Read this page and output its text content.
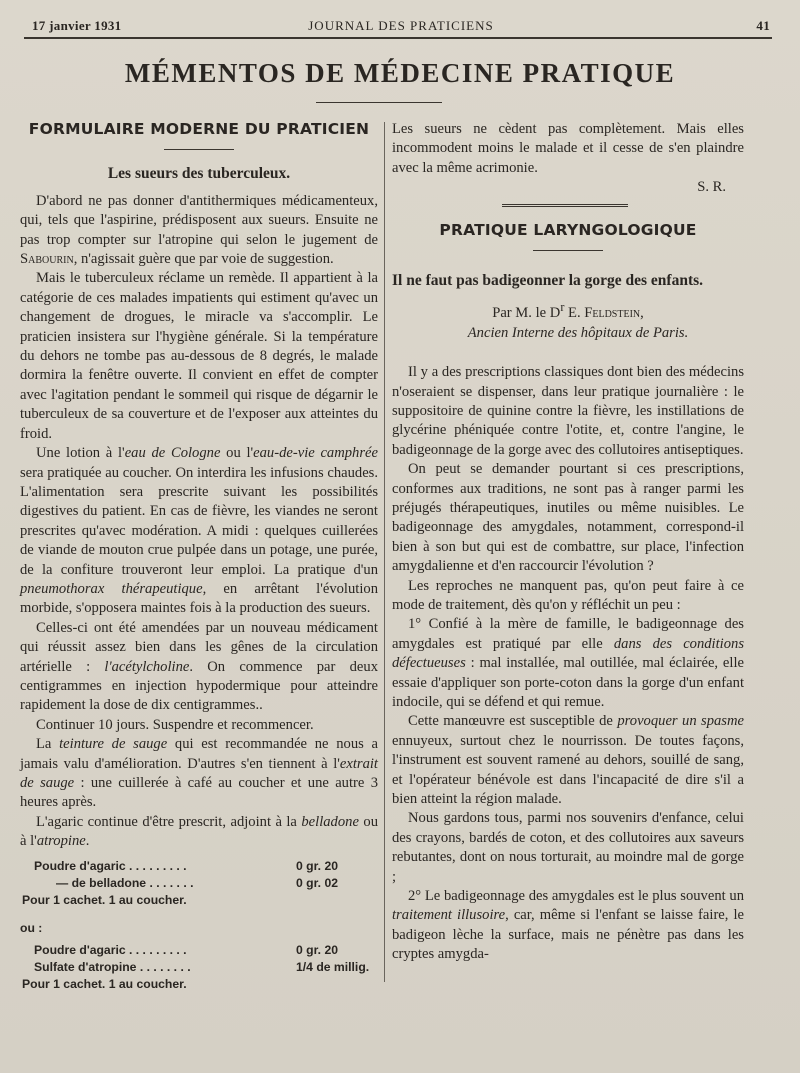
17 janvier 1931	JOURNAL DES PRATICIENS	41
MÉMENTOS DE MÉDECINE PRATIQUE
FORMULAIRE MODERNE DU PRATICIEN
Les sueurs des tuberculeux.

D'abord ne pas donner d'antithermiques médicamenteux, qui, tels que l'aspirine, prédisposent aux sueurs. Ensuite ne pas trop compter sur l'atropine qui selon le jugement de Sabourin, n'agissait guère que par voie de suggestion.

Mais le tuberculeux réclame un remède. Il appartient à la catégorie de ces malades impatients qui estiment qu'avec un changement de drogues, le miracle va s'accomplir. Le praticien insistera sur l'hygiène générale. Si la température du dehors ne tombe pas au-dessous de 8 degrés, le malade dormira la fenêtre ouverte. Il convient en effet de compter avec l'agitation pendant le sommeil qui risque de dégarnir le tuberculeux de sa couverture et de l'exposer aux atteintes du froid.

Une lotion à l'eau de Cologne ou l'eau-de-vie camphrée sera pratiquée au coucher. On interdira les infusions chaudes. L'alimentation sera prescrite suivant les possibilités digestives du patient. En cas de fièvre, les viandes ne seront prescrites qu'avec modération. A midi : quelques cuillerées de viande de mouton crue pulpée dans un potage, une purée, de la confiture trouveront leur emploi. La pratique d'un pneumothorax thérapeutique, en arrêtant l'évolution morbide, s'opposera maintes fois à la production des sueurs.

Celles-ci ont été amendées par un nouveau médicament qui réussit assez bien dans les gênes de la circulation artérielle : l'acétylcholine. On commence par deux centigrammes en injection hypodermique pour atteindre rapidement la dose de dix centigrammes..

Continuer 10 jours. Suspendre et recommencer.

La teinture de sauge qui est recommandée ne nous a jamais valu d'amélioration. D'autres s'en tiennent à l'extrait de sauge : une cuillerée à café au coucher et une autre 3 heures après.

L'agaric continue d'être prescrit, adjoint à la belladone ou à l'atropine.

Poudre d'agaric . . . . . . . . .	0 gr. 20
— de belladone . . . . . . .	0 gr. 02
Pour 1 cachet. 1 au coucher.
ou :
Poudre d'agaric . . . . . . . . .	0 gr. 20
Sulfate d'atropine . . . . . . . .	1/4 de millig.
Pour 1 cachet. 1 au coucher.

Les sueurs ne cèdent pas complètement. Mais elles incommodent moins le malade et il cesse de s'en plaindre avec la même acrimonie.

S. R.
PRATIQUE LARYNGOLOGIQUE
Il ne faut pas badigeonner la gorge des enfants.
Par M. le $D^r$ E. Feldstein,
Ancien Interne des hôpitaux de Paris.

Il y a des prescriptions classiques dont bien des médecins n'oseraient se dispenser, dans leur pratique journalière : le suppositoire de quinine contre la fièvre, les instillations de glycérine phéniquée contre l'otite, et, contre l'angine, le badigeonnage de la gorge avec des collutoires antiseptiques.

On peut se demander pourtant si ces prescriptions, conformes aux traditions, ne sont pas à ranger parmi les préjugés thérapeutiques, inutiles ou même nuisibles. Le badigeonnage des amygdales, notamment, correspond-il bien à son but qui est de combattre, sur place, l'infection amygdalienne et d'en raccourcir l'évolution ?

Les reproches ne manquent pas, qu'on peut faire à ce mode de traitement, dès qu'on y réfléchit un peu :

1° Confié à la mère de famille, le badigeonnage des amygdales est pratiqué par elle dans des conditions défectueuses : mal installée, mal outillée, mal éclairée, elle essaie d'appliquer son porte-coton dans la gorge d'un enfant indocile, qui se défend et qui remue.

Cette manœuvre est susceptible de provoquer un spasme ennuyeux, surtout chez le nourrisson. De toutes façons, l'instrument est souvent ramené au dehors, souillé de sang, et l'opérateur bénévole est dans l'incapacité de dire s'il a bien atteint la région malade.

Nous gardons tous, parmi nos souvenirs d'enfance, celui des crayons, bardés de coton, et des collutoires aux saveurs rebutantes, dont on nous torturait, au moindre mal de gorge ;

2° Le badigeonnage des amygdales est le plus souvent un traitement illusoire, car, même si l'enfant se laisse faire, le badigeon lèche la surface, mais ne pénètre pas dans les cryptes amygda-
